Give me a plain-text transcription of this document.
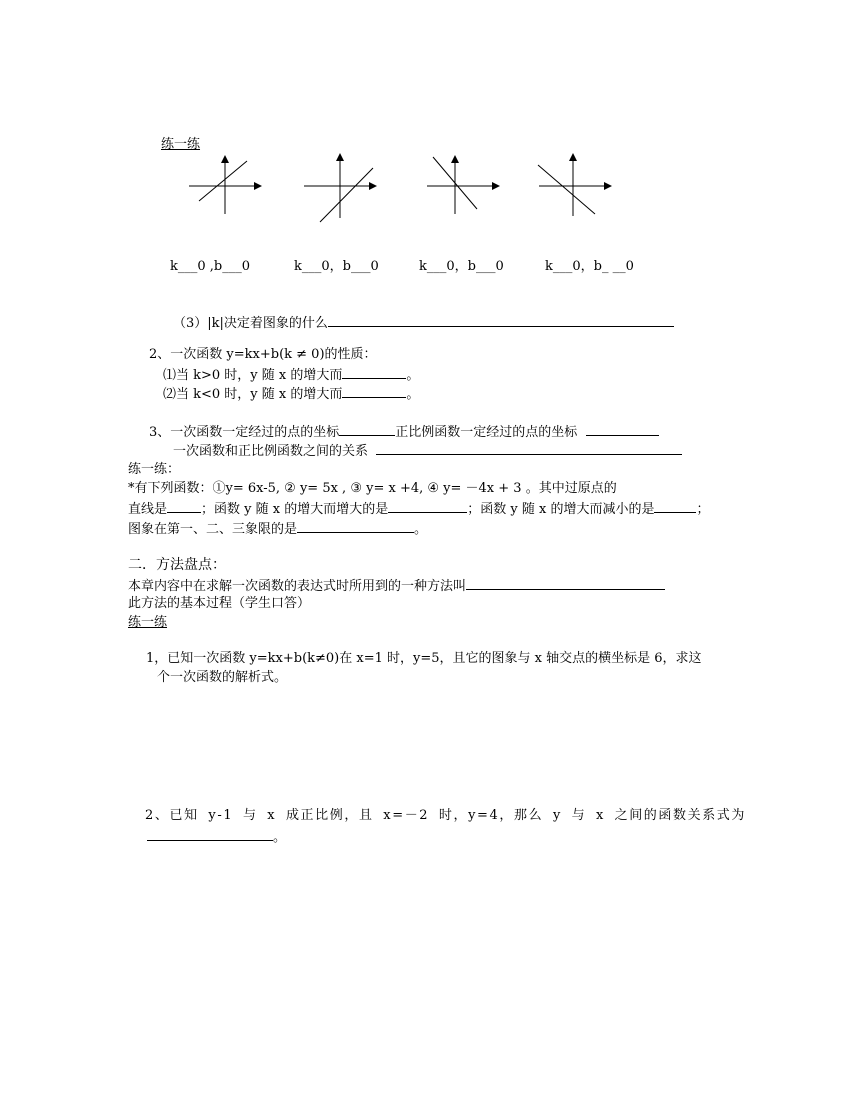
练一练
k___0 ,b___0	k___0，b___0	k___0，b___0	k___0，b_ __0
（3）|k|决定着图象的什么
2、一次函数 y=kx+b(k ≠ 0)的性质：
⑴当 k>0 时，y 随 x 的增大而	。
⑵当 k<0 时，y 随 x 的增大而	。
3、一次函数一定经过的点的坐标	正比例函数一定经过的点的坐标
一次函数和正比例函数之间的关系
练一练：
*有下列函数：①y= 6x-5, ② y= 5x , ③ y= x +4, ④ y= －4x + 3 。其中过原点的
直线是	；函数 y 随 x 的增大而增大的是	；函数 y 随 x 的增大而减小的是	；
图象在第一、二、三象限的是	。
二．方法盘点：
本章内容中在求解一次函数的表达式时所用到的一种方法叫
此方法的基本过程（学生口答）
练一练
1，已知一次函数 y=kx+b(k≠0)在 x=1 时，y=5，且它的图象与 x 轴交点的横坐标是 6，求这
个一次函数的解析式。
2、已知 y-1 与 x 成正比例，且 x=－2 时，y=4，那么 y 与 x 之间的函数关系式为
。
